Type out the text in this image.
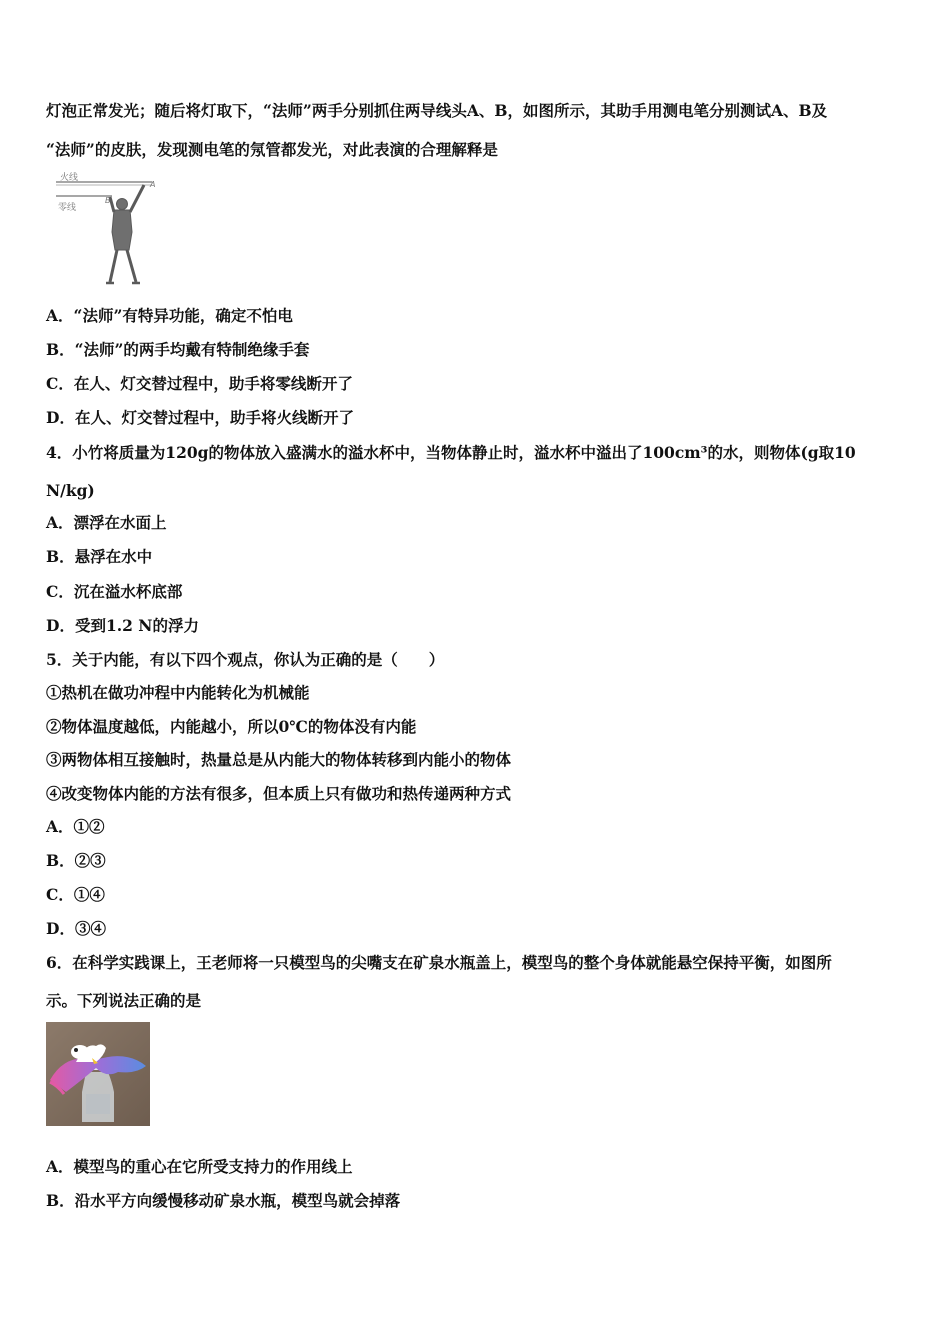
灯泡正常发光；随后将灯取下，“法师”两手分别抓住两导线头A、B，如图所示，其助手用测电笔分别测试A、B及
“法师”的皮肤，发现测电笔的氖管都发光，对此表演的合理解释是
火线
零线
A
B
A．“法师”有特异功能，确定不怕电
B．“法师”的两手均戴有特制绝缘手套
C．在人、灯交替过程中，助手将零线断开了
D．在人、灯交替过程中，助手将火线断开了
4．小竹将质量为120g的物体放入盛满水的溢水杯中，当物体静止时，溢水杯中溢出了100cm³的水，则物体(g取10
N/kg)
A．漂浮在水面上
B．悬浮在水中
C．沉在溢水杯底部
D．受到1.2 N的浮力
5．关于内能，有以下四个观点，你认为正确的是（　　）
①热机在做功冲程中内能转化为机械能
②物体温度越低，内能越小，所以0℃的物体没有内能
③两物体相互接触时，热量总是从内能大的物体转移到内能小的物体
④改变物体内能的方法有很多，但本质上只有做功和热传递两种方式
A．①②
B．②③
C．①④
D．③④
6．在科学实践课上，王老师将一只模型鸟的尖嘴支在矿泉水瓶盖上，模型鸟的整个身体就能悬空保持平衡，如图所
示。下列说法正确的是
A．模型鸟的重心在它所受支持力的作用线上
B．沿水平方向缓慢移动矿泉水瓶，模型鸟就会掉落
